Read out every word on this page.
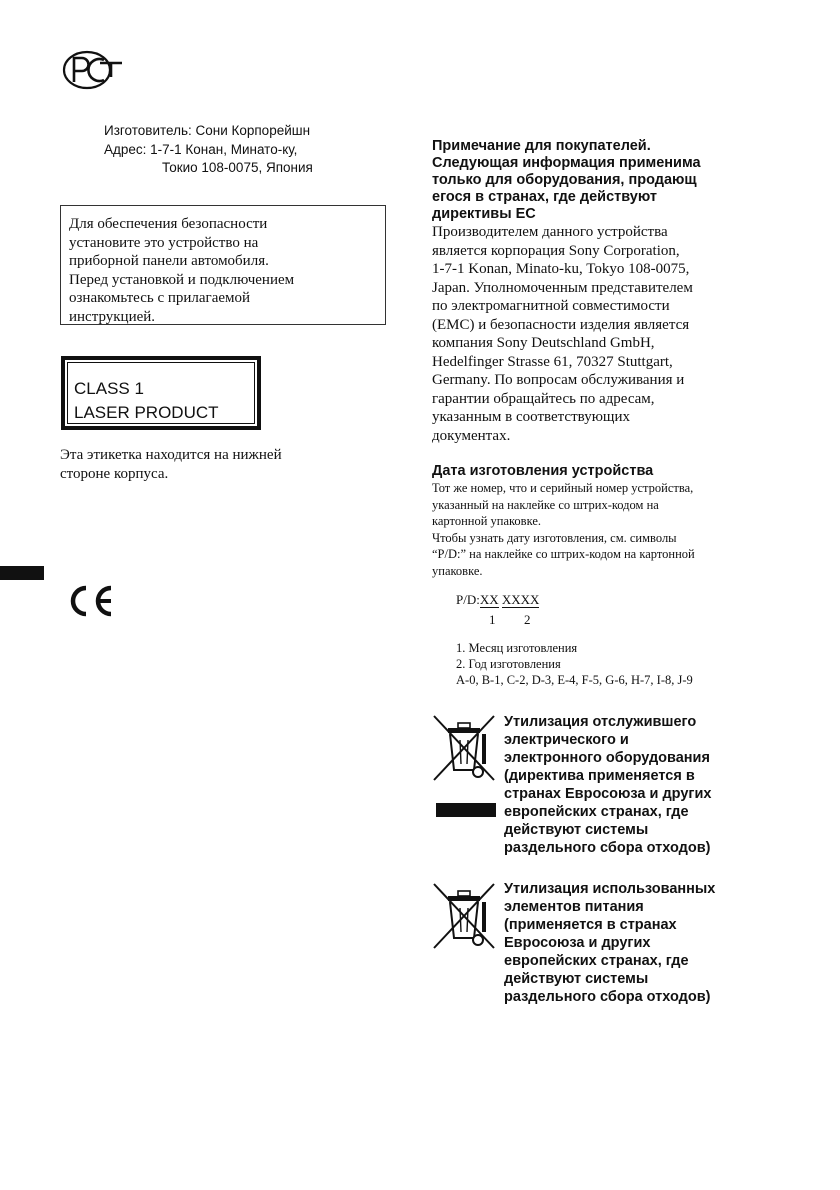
Изготовитель: Сони Корпорейшн
Адрес: 1-7-1 Конан, Минато-ку,
Токио 108-0075, Япония
Для обеспечения безопасности
установите это устройство на
приборной панели автомобиля.
Перед установкой и подключением
ознакомьтесь с прилагаемой
инструкцией.
CLASS 1
LASER PRODUCT
Эта этикетка находится на нижней
стороне корпуса.
Примечание для покупателей.
Следующая информация применима
только для оборудования, продающ
егося в странах, где действуют
директивы ЕС
Производителем данного устройства
является корпорация Sony Corporation,
1-7-1 Konan, Minato-ku, Tokyo 108-0075,
Japan. Уполномоченным представителем
по электромагнитной совместимости
(EMC) и безопасности изделия является
компания Sony Deutschland GmbH,
Hedelfinger Strasse 61, 70327 Stuttgart,
Germany. По вопросам обслуживания и
гарантии обращайтесь по адресам,
указанным в соответствующих
документах.
Дата изготовления устройства
Тот же номер, что и серийный номер устройства,
указанный на наклейке со штрих-кодом на
картонной упаковке.
Чтобы узнать дату изготовления, см. символы
“P/D:” на наклейке со штрих-кодом на картонной
упаковке.
P/D:XX XXXX
1 2
1. Месяц изготовления
2. Год изготовления
A-0, B-1, C-2, D-3, E-4, F-5, G-6, H-7, I-8, J-9
Утилизация отслужившего
электрического и
электронного оборудования
(директива применяется в
странах Евросоюза и других
европейских странах, где
действуют системы
раздельного сбора отходов)
Утилизация использованных
элементов питания
(применяется в странах
Евросоюза и других
европейских странах, где
действуют системы
раздельного сбора отходов)
